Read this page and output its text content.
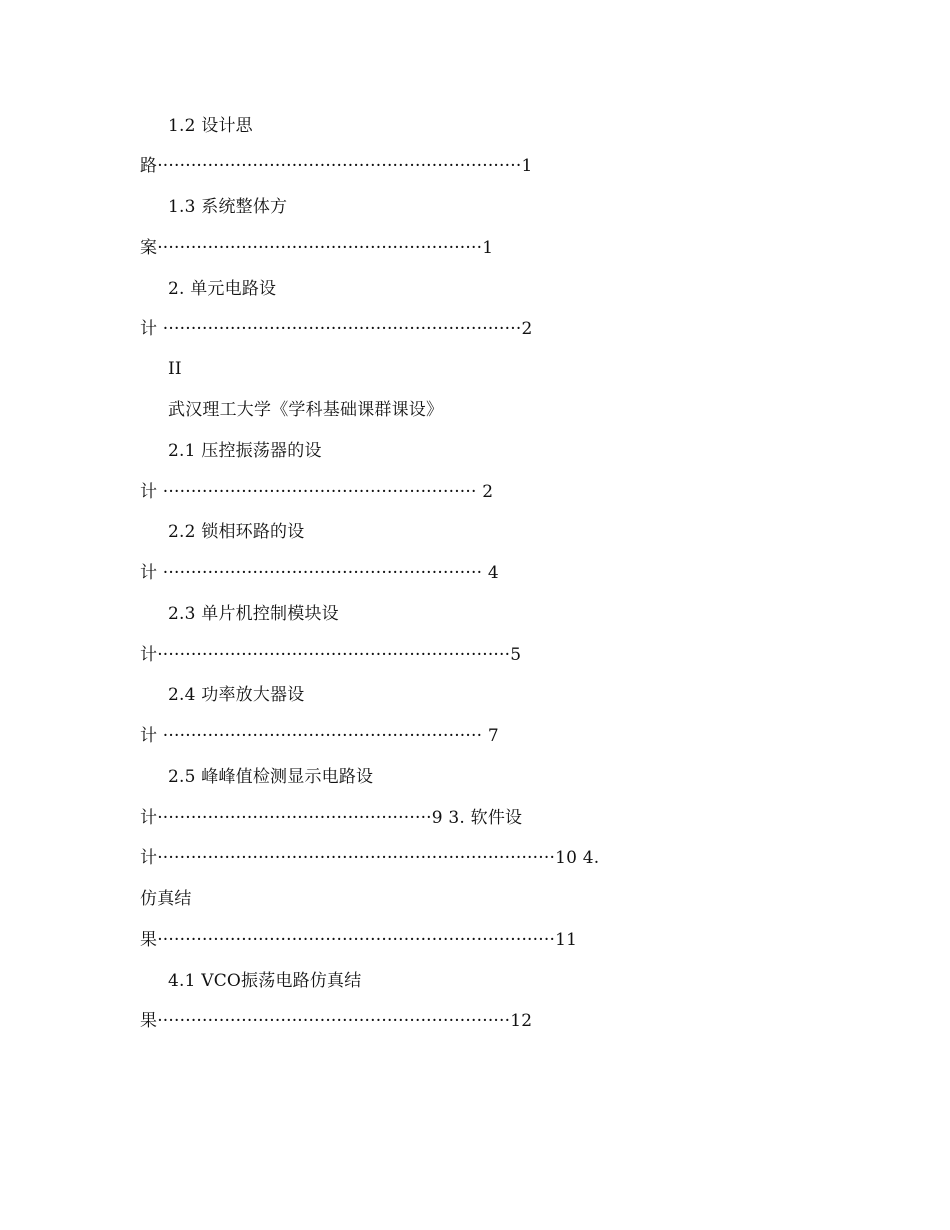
1.2 设计思
路·································································1
1.3 系统整体方
案··························································1
2. 单元电路设
计 ································································2
II
武汉理工大学《学科基础课群课设》
2.1 压控振荡器的设
计 ························································ 2
2.2 锁相环路的设
计 ························································· 4
2.3 单片机控制模块设
计·······························································5
2.4 功率放大器设
计 ························································· 7
2.5 峰峰值检测显示电路设
计·················································9 3. 软件设
计·······································································10 4.
仿真结
果·······································································11
4.1 VCO振荡电路仿真结
果·······························································12
